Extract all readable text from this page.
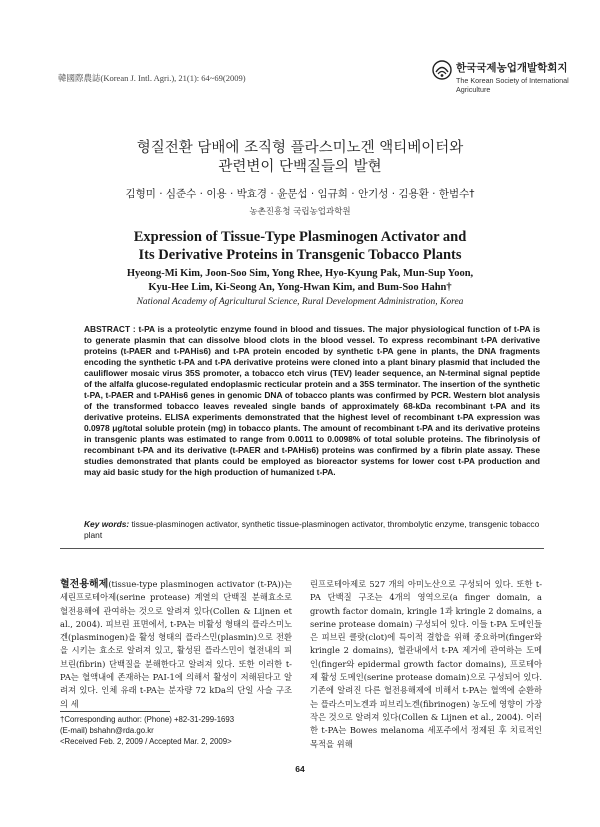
韓國際農誌(Korean J. Intl. Agri.), 21(1): 64~69(2009)
한국국제농업개발학회지
The Korean Society of International Agriculture
형질전환 담배에 조직형 플라스미노겐 액티베이터와
관련변이 단백질들의 발현
김형미 · 심준수 · 이용 · 박효경 · 윤문섭 · 임규희 · 안기성 · 김용환 · 한범수†
농촌진흥청 국립농업과학원
Expression of Tissue-Type Plasminogen Activator and
Its Derivative Proteins in Transgenic Tobacco Plants
Hyeong-Mi Kim, Joon-Soo Sim, Yong Rhee, Hyo-Kyung Pak, Mun-Sup Yoon,
Kyu-Hee Lim, Ki-Seong An, Yong-Hwan Kim, and Bum-Soo Hahn†
National Academy of Agricultural Science, Rural Development Administration, Korea
ABSTRACT : t-PA is a proteolytic enzyme found in blood and tissues. The major physiological function of t-PA is to generate plasmin that can dissolve blood clots in the blood vessel. To express recombinant t-PA derivative proteins (t-PAER and t-PAHis6) and t-PA protein encoded by synthetic t-PA gene in plants, the DNA fragments encoding the synthetic t-PA and t-PA derivative proteins were cloned into a plant binary plasmid that included the cauliflower mosaic virus 35S promoter, a tobacco etch virus (TEV) leader sequence, an N-terminal signal peptide of the alfalfa glucose-regulated endoplasmic recticular protein and a 35S terminator. The insertion of the synthetic t-PA, t-PAER and t-PAHis6 genes in genomic DNA of tobacco plants was confirmed by PCR. Western blot analysis of the transformed tobacco leaves revealed single bands of approximately 68-kDa recombinant t-PA and its derivative proteins. ELISA experiments demonstrated that the highest level of recombinant t-PA expression was 0.0978 μg/total soluble protein (mg) in tobacco plants. The amount of recombinant t-PA and its derivative proteins in transgenic plants was estimated to range from 0.0011 to 0.0098% of total soluble proteins. The fibrinolysis of recombinant t-PA and its derivative (t-PAER and t-PAHis6) proteins was confirmed by a fibrin plate assay. These studies demonstrated that plants could be employed as bioreactor systems for lower cost t-PA production and may aid basic study for the high production of humanized t-PA.
Key words: tissue-plasminogen activator, synthetic tissue-plasminogen activator, thrombolytic enzyme, transgenic tobacco plant
혈전용해제(tissue-type plasminogen activator (t-PA))는 세린프로테아제(serine protease) 계열의 단백질 분해효소로 혈전용해에 관여하는 것으로 알려져 있다(Collen & Lijnen et al., 2004). 피브린 표면에서, t-PA는 비활성 형태의 플라스미노겐(plasminogen)을 활성 형태의 플라스민(plasmin)으로 전환을 시키는 효소로 알려져 있고, 활성된 플라스민이 혈전내의 피브린(fibrin) 단백질을 분해한다고 알려져 있다. 또한 이러한 t-PA는 혈액내에 존재하는 PAI-1에 의해서 활성이 저해된다고 알려져 있다. 인체 유래 t-PA는 분자량 72 kDa의 단일 사슬 구조의 세
린프로테아제로 527 개의 아미노산으로 구성되어 있다. 또한 t-PA 단백질 구조는 4개의 영역으로(a finger domain, a growth factor domain, kringle 1과 kringle 2 domains, a serine protease domain) 구성되어 있다. 이들 t-PA 도메인들은 피브린 클랏(clot)에 특이적 결합을 위해 중요하며(finger와 kringle 2 domains), 혈관내에서 t-PA 제거에 관여하는 도메인(finger와 epidermal growth factor domains), 프로테아제 활성 도메인(serine protease domain)으로 구성되어 있다. 기존에 알려진 다른 혈전용해제에 비해서 t-PA는 혈액에 순환하는 플라스미노겐과 피브리노겐(fibrinogen) 농도에 영향이 가장 작은 것으로 알려져 있다(Collen & Lijnen et al., 2004). 이러한 t-PA는 Bowes melanoma 세포주에서 정제된 후 치료적인 목적을 위해
†Corresponding author: (Phone) +82-31-299-1693
(E-mail) bshahn@rda.go.kr
<Received Feb. 2, 2009 / Accepted Mar. 2, 2009>
64
